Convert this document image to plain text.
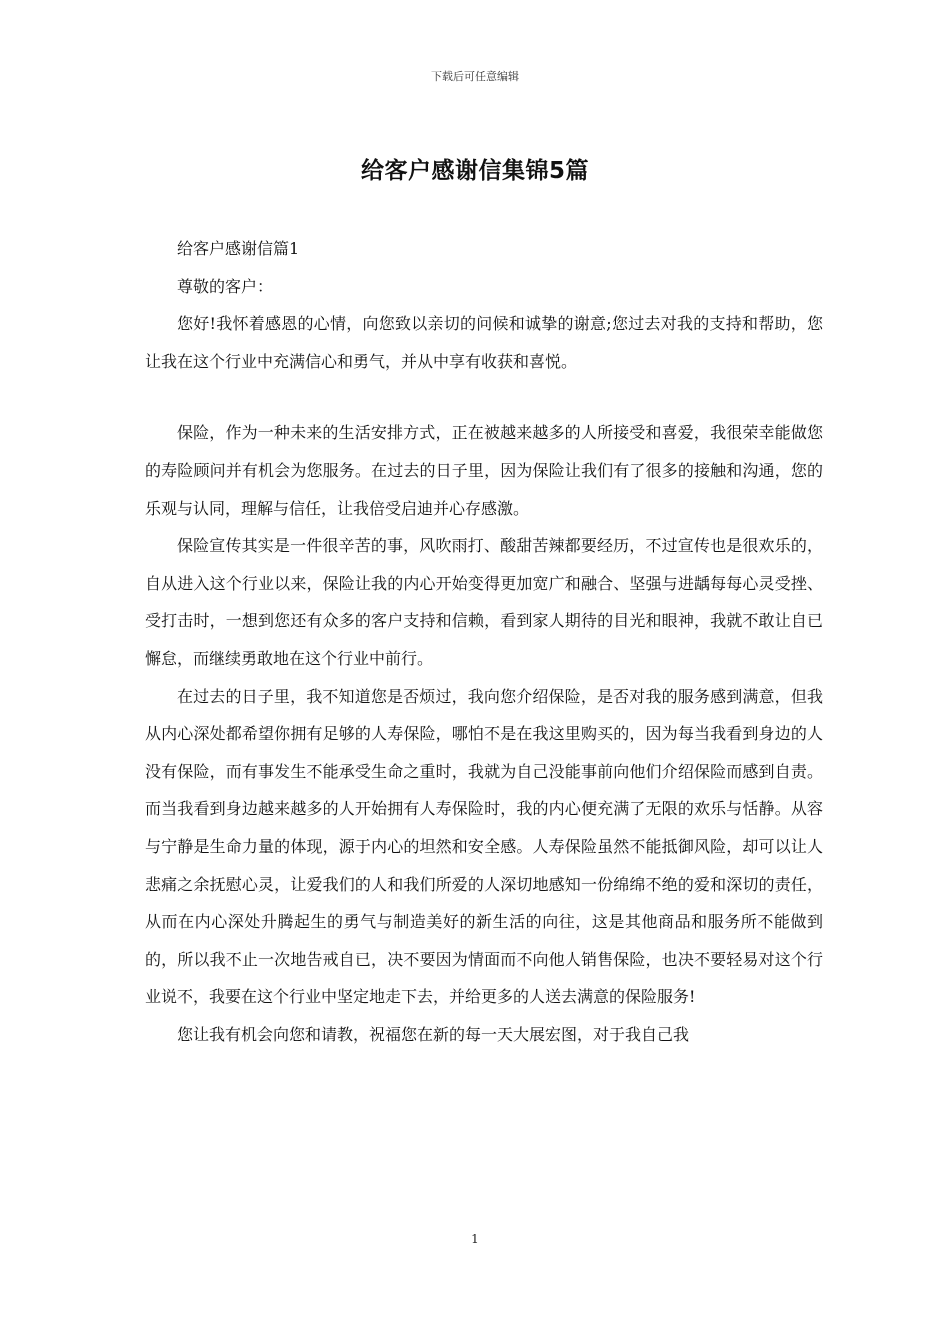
下载后可任意编辑
给客户感谢信集锦5篇

给客户感谢信篇1

尊敬的客户：

您好!我怀着感恩的心情，向您致以亲切的问候和诚挚的谢意;您过去对我的支持和帮助，您让我在这个行业中充满信心和勇气，并从中享有收获和喜悦。

保险，作为一种未来的生活安排方式，正在被越来越多的人所接受和喜爱，我很荣幸能做您的寿险顾问并有机会为您服务。在过去的日子里，因为保险让我们有了很多的接触和沟通，您的乐观与认同，理解与信任，让我倍受启迪并心存感激。

保险宣传其实是一件很辛苦的事，风吹雨打、酸甜苦辣都要经历，不过宣传也是很欢乐的，自从进入这个行业以来，保险让我的内心开始变得更加宽广和融合、坚强与进龋每每心灵受挫、受打击时，一想到您还有众多的客户支持和信赖，看到家人期待的目光和眼神，我就不敢让自已懈怠，而继续勇敢地在这个行业中前行。

在过去的日子里，我不知道您是否烦过，我向您介绍保险，是否对我的服务感到满意，但我从内心深处都希望你拥有足够的人寿保险，哪怕不是在我这里购买的，因为每当我看到身边的人没有保险，而有事发生不能承受生命之重时，我就为自己没能事前向他们介绍保险而感到自责。而当我看到身边越来越多的人开始拥有人寿保险时，我的内心便充满了无限的欢乐与恬静。从容与宁静是生命力量的体现，源于内心的坦然和安全感。人寿保险虽然不能抵御风险，却可以让人悲痛之余抚慰心灵，让爱我们的人和我们所爱的人深切地感知一份绵绵不绝的爱和深切的责任，从而在内心深处升腾起生的勇气与制造美好的新生活的向往，这是其他商品和服务所不能做到的，所以我不止一次地告戒自已，决不要因为情面而不向他人销售保险，也决不要轻易对这个行业说不，我要在这个行业中坚定地走下去，并给更多的人送去满意的保险服务!

您让我有机会向您和请教，祝福您在新的每一天大展宏图，对于我自己我

1
